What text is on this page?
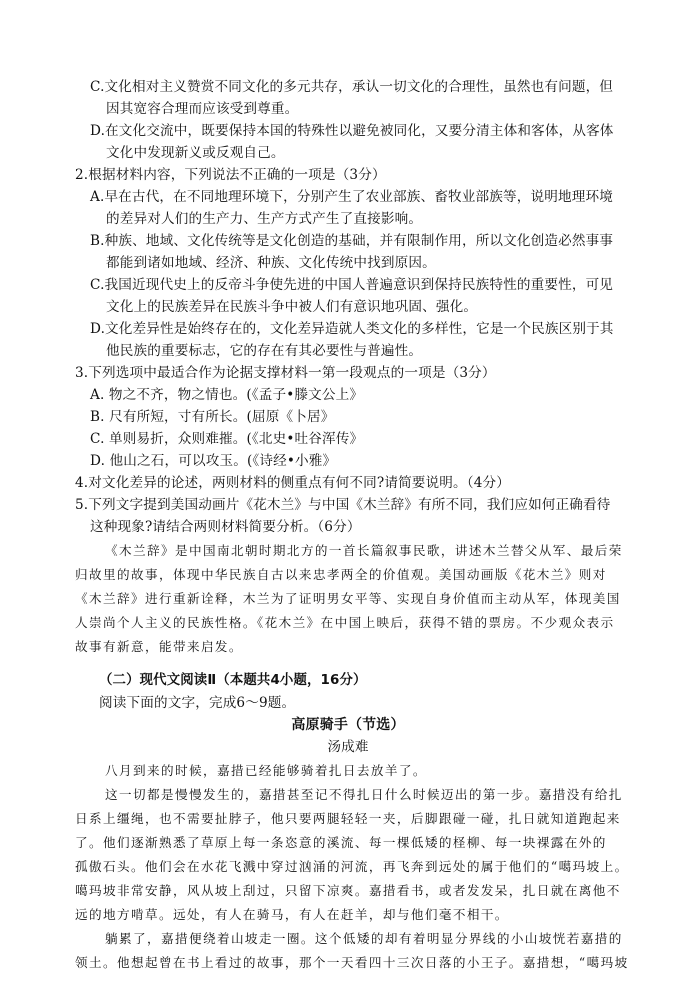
C.文化相对主义赞赏不同文化的多元共存，承认一切文化的合理性，虽然也有问题，但
因其宽容合理而应该受到尊重。
D.在文化交流中，既要保持本国的特殊性以避免被同化，又要分清主体和客体，从客体
文化中发现新义或反观自己。
2.根据材料内容，下列说法不正确的一项是（3分）
A.早在古代，在不同地理环境下，分别产生了农业部族、畜牧业部族等，说明地理环境
的差异对人们的生产力、生产方式产生了直接影响。
B.种族、地域、文化传统等是文化创造的基础，并有限制作用，所以文化创造必然事事
都能到诸如地域、经济、种族、文化传统中找到原因。
C.我国近现代史上的反帝斗争使先进的中国人普遍意识到保持民族特性的重要性，可见
文化上的民族差异在民族斗争中被人们有意识地巩固、强化。
D.文化差异性是始终存在的，文化差异造就人类文化的多样性，它是一个民族区别于其
他民族的重要标志，它的存在有其必要性与普遍性。
3.下列选项中最适合作为论据支撑材料一第一段观点的一项是（3分）
A. 物之不齐，物之情也。(《孟子•滕文公上》
B. 尺有所短，寸有所长。(屈原《卜居》
C. 单则易折，众则难摧。(《北史•吐谷浑传》
D. 他山之石，可以攻玉。(《诗经•小雅》
4.对文化差异的论述，两则材料的侧重点有何不同?请简要说明。（4分）
5.下列文字提到美国动画片《花木兰》与中国《木兰辞》有所不同，我们应如何正确看待
这种现象?请结合两则材料简要分析。（6分）
《木兰辞》是中国南北朝时期北方的一首长篇叙事民歌，讲述木兰替父从军、最后荣
归故里的故事，体现中华民族自古以来忠孝两全的价值观。美国动画版《花木兰》则对
《木兰辞》进行重新诠释，木兰为了证明男女平等、实现自身价值而主动从军，体现美国
人崇尚个人主义的民族性格。《花木兰》在中国上映后，获得不错的票房。不少观众表示
故事有新意，能带来启发。
（二）现代文阅读Ⅱ（本题共4小题，16分）
阅读下面的文字，完成6～9题。
高原骑手（节选）
汤成难
八月到来的时候，嘉措已经能够骑着扎日去放羊了。
这一切都是慢慢发生的，嘉措甚至记不得扎日什么时候迈出的第一步。嘉措没有给扎
日系上缰绳，也不需要扯脖子，他只要两腿轻轻一夹，后脚跟碰一碰，扎日就知道跑起来
了。他们逐渐熟悉了草原上每一条恣意的溪流、每一棵低矮的柽柳、每一块裸露在外的
孤傲石头。他们会在水花飞溅中穿过汹涌的河流，再飞奔到远处的属于他们的“噶玛坡上。
噶玛坡非常安静，风从坡上刮过，只留下凉爽。嘉措看书，或者发发呆，扎日就在离他不
远的地方啃草。远处，有人在骑马，有人在赶羊，却与他们毫不相干。
躺累了，嘉措便绕着山坡走一圈。这个低矮的却有着明显分界线的小山坡恍若嘉措的
领土。他想起曾在书上看过的故事，那个一天看四十三次日落的小王子。嘉措想，“噶玛坡
